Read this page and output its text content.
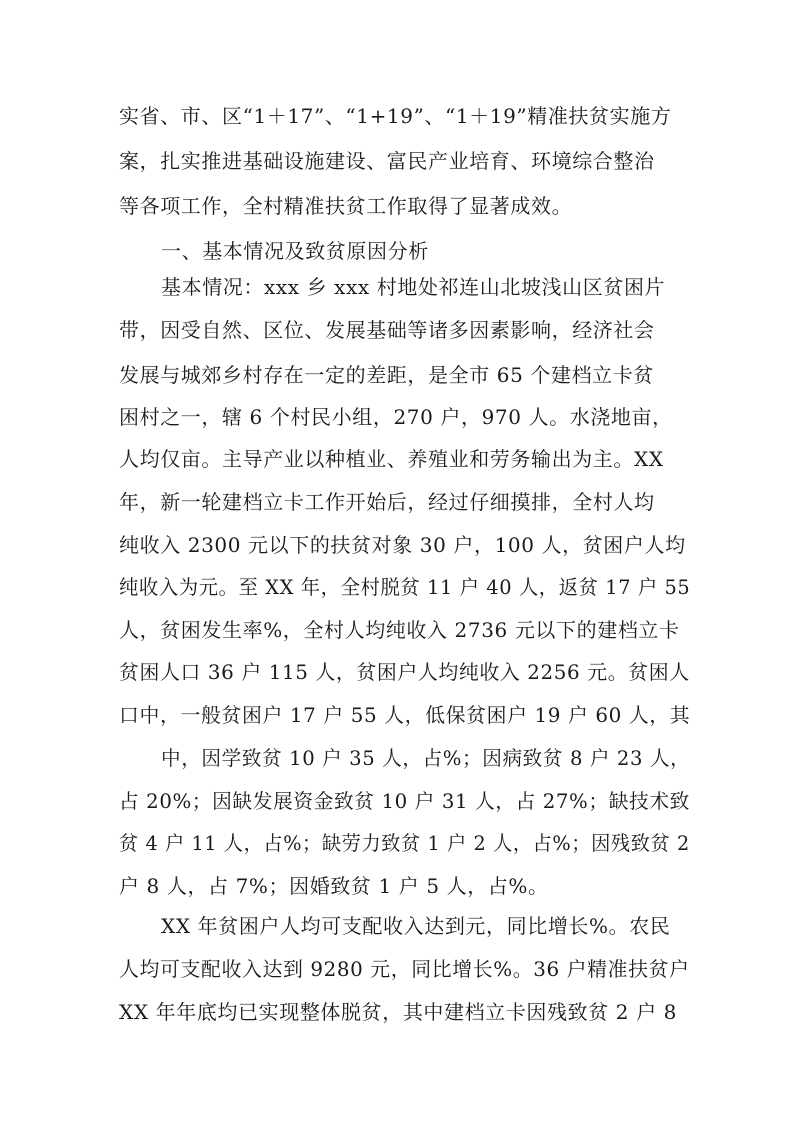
实省、市、区“1＋17”、“1+19”、“1＋19”精准扶贫实施方
案，扎实推进基础设施建设、富民产业培育、环境综合整治
等各项工作，全村精准扶贫工作取得了显著成效。
一、基本情况及致贫原因分析
基本情况：xxx 乡 xxx 村地处祁连山北坡浅山区贫困片
带，因受自然、区位、发展基础等诸多因素影响，经济社会
发展与城郊乡村存在一定的差距，是全市 65 个建档立卡贫
困村之一，辖 6 个村民小组，270 户，970 人。水浇地亩，
人均仅亩。主导产业以种植业、养殖业和劳务输出为主。XX
年，新一轮建档立卡工作开始后，经过仔细摸排，全村人均
纯收入 2300 元以下的扶贫对象 30 户，100 人，贫困户人均
纯收入为元。至 XX 年，全村脱贫 11 户 40 人，返贫 17 户 55
人，贫困发生率%，全村人均纯收入 2736 元以下的建档立卡
贫困人口 36 户 115 人，贫困户人均纯收入 2256 元。贫困人
口中，一般贫困户 17 户 55 人，低保贫困户 19 户 60 人，其
中，因学致贫 10 户 35 人，占%；因病致贫 8 户 23 人，
占 20%；因缺发展资金致贫 10 户 31 人，占 27%；缺技术致
贫 4 户 11 人，占%；缺劳力致贫 1 户 2 人，占%；因残致贫 2
户 8 人，占 7%；因婚致贫 1 户 5 人，占%。
XX 年贫困户人均可支配收入达到元，同比增长%。农民
人均可支配收入达到 9280 元，同比增长%。36 户精准扶贫户
XX 年年底均已实现整体脱贫，其中建档立卡因残致贫 2 户 8
